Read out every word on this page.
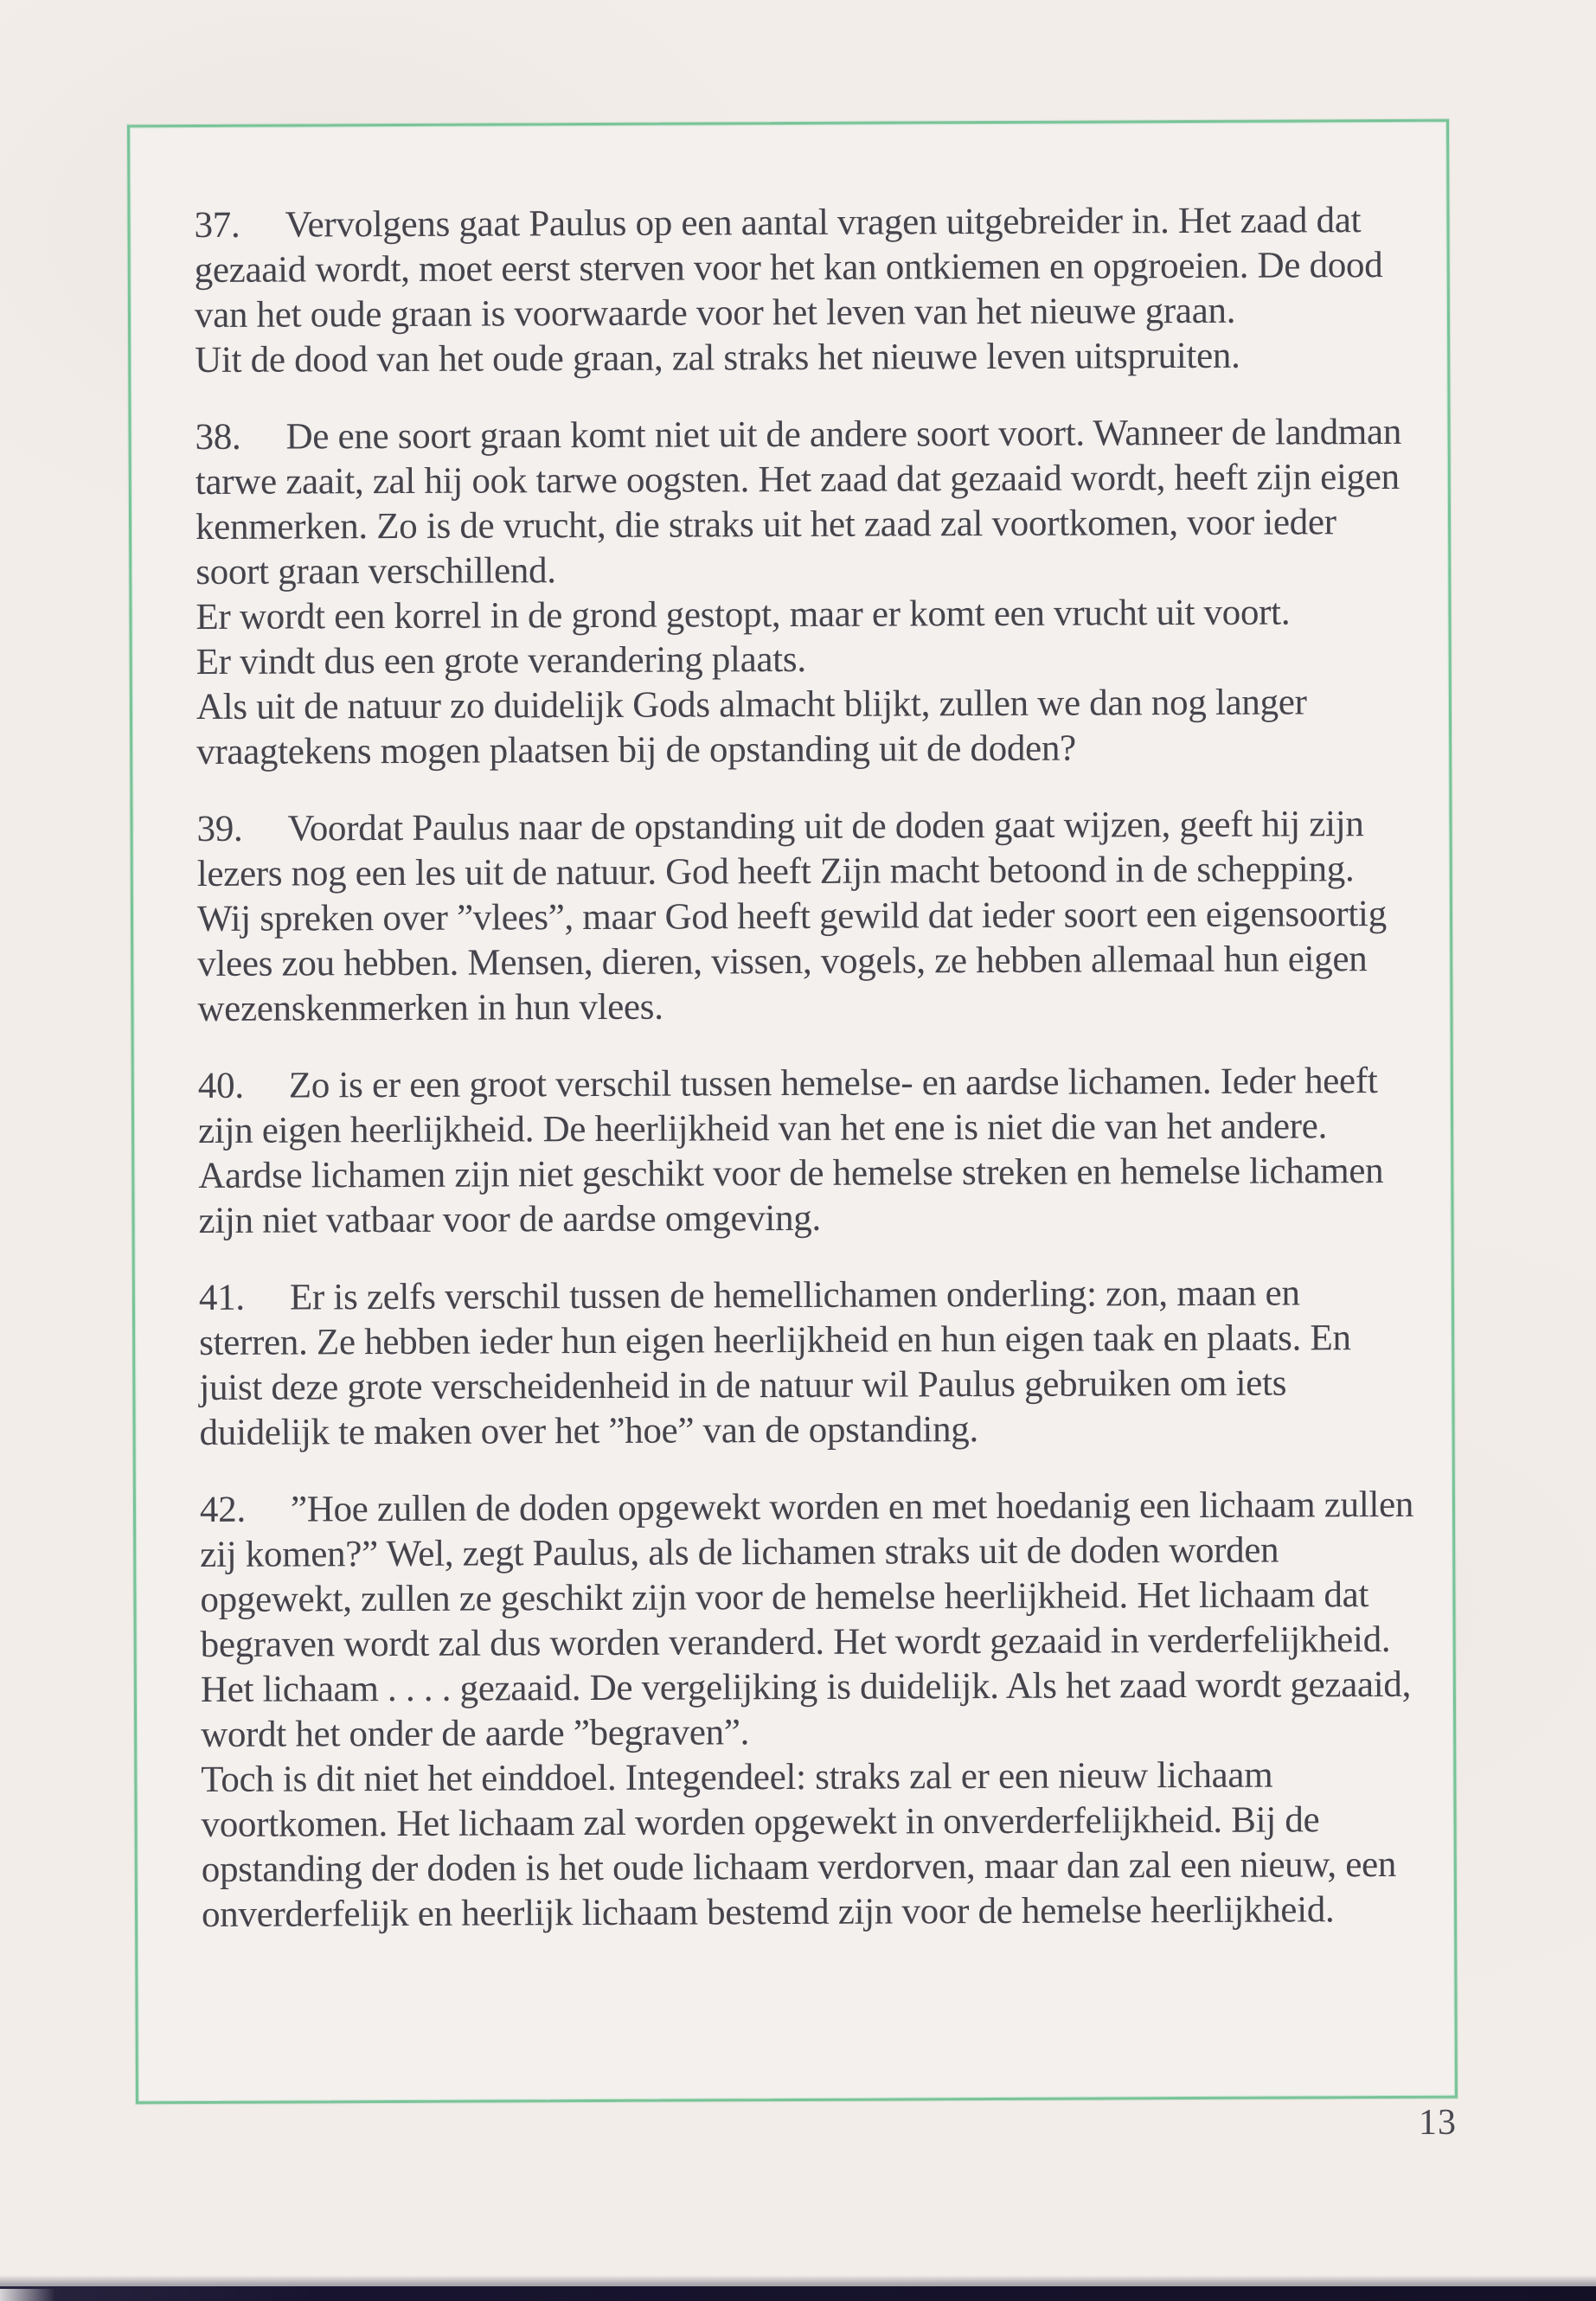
37. Vervolgens gaat Paulus op een aantal vragen uitgebreider in. Het zaad dat gezaaid wordt, moet eerst sterven voor het kan ontkiemen en opgroeien. De dood van het oude graan is voorwaarde voor het leven van het nieuwe graan.
Uit de dood van het oude graan, zal straks het nieuwe leven uitspruiten.

38. De ene soort graan komt niet uit de andere soort voort. Wanneer de landman tarwe zaait, zal hij ook tarwe oogsten. Het zaad dat gezaaid wordt, heeft zijn eigen kenmerken. Zo is de vrucht, die straks uit het zaad zal voortkomen, voor ieder soort graan verschillend.
Er wordt een korrel in de grond gestopt, maar er komt een vrucht uit voort.
Er vindt dus een grote verandering plaats.
Als uit de natuur zo duidelijk Gods almacht blijkt, zullen we dan nog langer vraagtekens mogen plaatsen bij de opstanding uit de doden?

39. Voordat Paulus naar de opstanding uit de doden gaat wijzen, geeft hij zijn lezers nog een les uit de natuur. God heeft Zijn macht betoond in de schepping. Wij spreken over ”vlees”, maar God heeft gewild dat ieder soort een eigensoortig vlees zou hebben. Mensen, dieren, vissen, vogels, ze hebben allemaal hun eigen wezenskenmerken in hun vlees.

40. Zo is er een groot verschil tussen hemelse- en aardse lichamen. Ieder heeft zijn eigen heerlijkheid. De heerlijkheid van het ene is niet die van het andere. Aardse lichamen zijn niet geschikt voor de hemelse streken en hemelse lichamen zijn niet vatbaar voor de aardse omgeving.

41. Er is zelfs verschil tussen de hemellichamen onderling: zon, maan en sterren. Ze hebben ieder hun eigen heerlijkheid en hun eigen taak en plaats. En juist deze grote verscheidenheid in de natuur wil Paulus gebruiken om iets duidelijk te maken over het ”hoe” van de opstanding.

42. ”Hoe zullen de doden opgewekt worden en met hoedanig een lichaam zullen zij komen?” Wel, zegt Paulus, als de lichamen straks uit de doden worden opgewekt, zullen ze geschikt zijn voor de hemelse heerlijkheid. Het lichaam dat begraven wordt zal dus worden veranderd. Het wordt gezaaid in verderfelijkheid. Het lichaam . . . . gezaaid. De vergelijking is duidelijk. Als het zaad wordt gezaaid, wordt het onder de aarde ”begraven”.
Toch is dit niet het einddoel. Integendeel: straks zal er een nieuw lichaam voortkomen. Het lichaam zal worden opgewekt in onverderfelijkheid. Bij de opstanding der doden is het oude lichaam verdorven, maar dan zal een nieuw, een onverderfelijk en heerlijk lichaam bestemd zijn voor de hemelse heerlijkheid.

13
